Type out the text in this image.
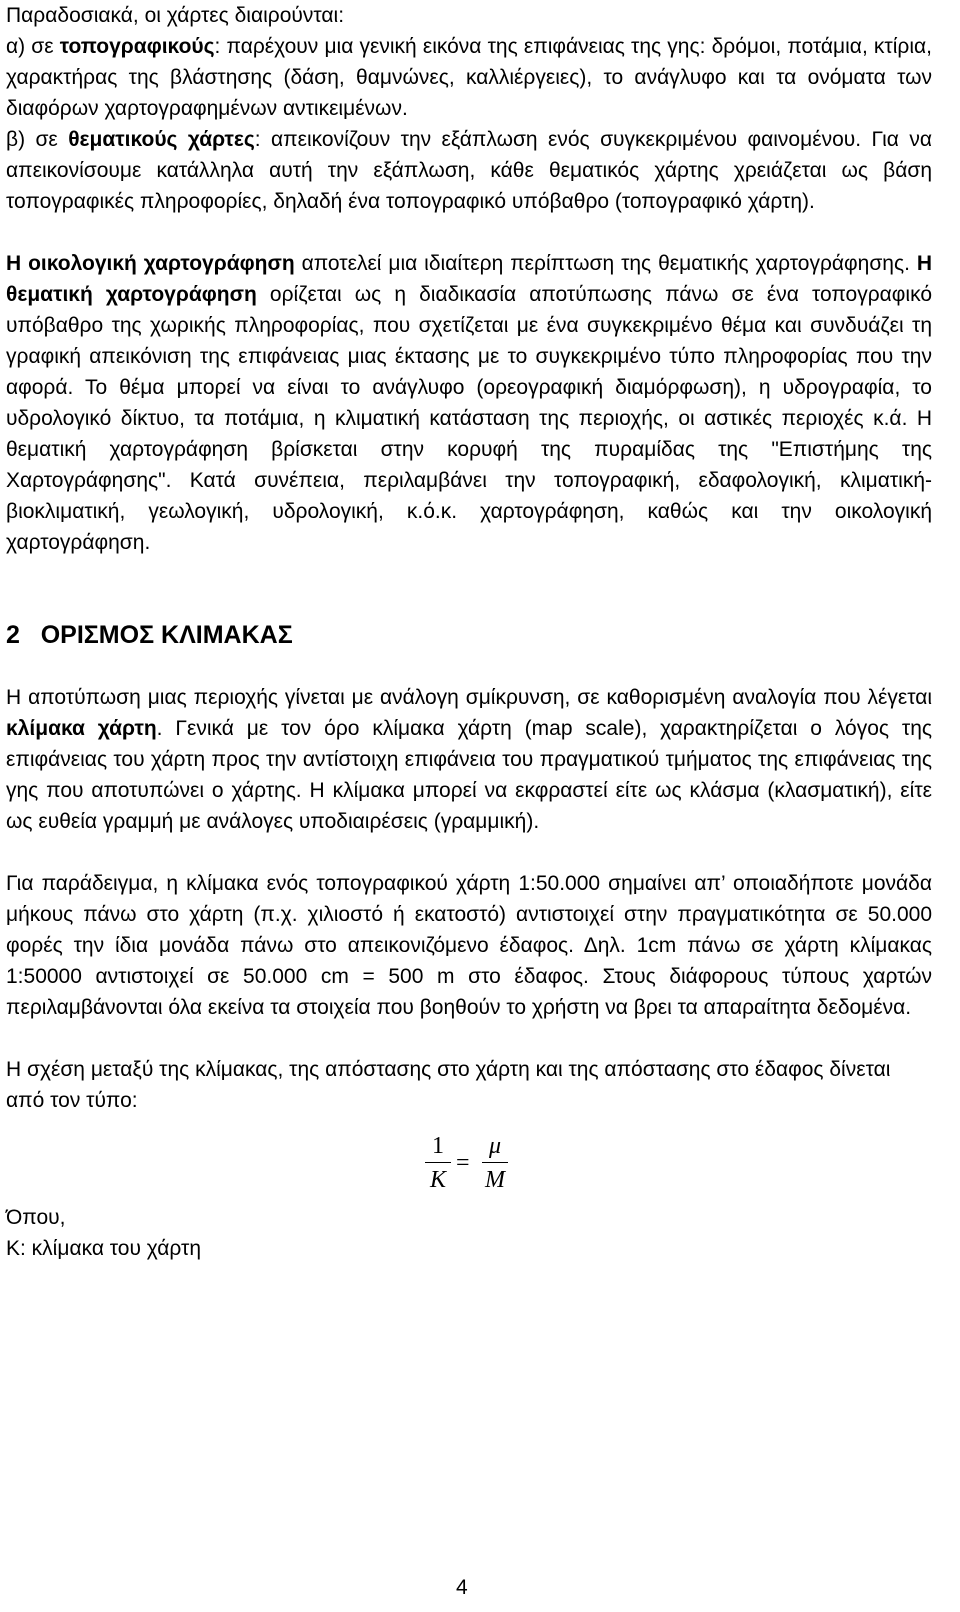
Παραδοσιακά, οι χάρτες διαιρούνται:

α) σε τοπογραφικούς: παρέχουν μια γενική εικόνα της επιφάνειας της γης: δρόμοι, ποτάμια, κτίρια, χαρακτήρας της βλάστησης (δάση, θαμνώνες, καλλιέργειες), το ανάγλυφο και τα ονόματα των διαφόρων χαρτογραφημένων αντικειμένων.

β) σε θεματικούς χάρτες: απεικονίζουν την εξάπλωση ενός συγκεκριμένου φαινομένου. Για να απεικονίσουμε κατάλληλα αυτή την εξάπλωση, κάθε θεματικός χάρτης χρειάζεται ως βάση τοπογραφικές πληροφορίες, δηλαδή ένα τοπογραφικό υπόβαθρο (τοπογραφικό χάρτη).

Η οικολογική χαρτογράφηση αποτελεί μια ιδιαίτερη περίπτωση της θεματικής χαρτογράφησης. Η θεματική χαρτογράφηση ορίζεται ως η διαδικασία αποτύπωσης πάνω σε ένα τοπογραφικό υπόβαθρο της χωρικής πληροφορίας, που σχετίζεται με ένα συγκεκριμένο θέμα και συνδυάζει τη γραφική απεικόνιση της επιφάνειας μιας έκτασης με το συγκεκριμένο τύπο πληροφορίας που την αφορά. Το θέμα μπορεί να είναι το ανάγλυφο (ορεογραφική διαμόρφωση), η υδρογραφία, το υδρολογικό δίκτυο, τα ποτάμια, η κλιματική κατάσταση της περιοχής, οι αστικές περιοχές κ.ά. Η θεματική χαρτογράφηση βρίσκεται στην κορυφή της πυραμίδας της "Επιστήμης της Χαρτογράφησης". Κατά συνέπεια, περιλαμβάνει την τοπογραφική, εδαφολογική, κλιματική-βιοκλιματική, γεωλογική, υδρολογική, κ.ό.κ. χαρτογράφηση, καθώς και την οικολογική χαρτογράφηση.

2   ΟΡΙΣΜΟΣ ΚΛΙΜΑΚΑΣ

Η αποτύπωση μιας περιοχής γίνεται με ανάλογη σμίκρυνση, σε καθορισμένη αναλογία που λέγεται κλίμακα χάρτη. Γενικά με τον όρο κλίμακα χάρτη (map scale), χαρακτηρίζεται ο λόγος της επιφάνειας του χάρτη προς την αντίστοιχη επιφάνεια του πραγματικού τμήματος της επιφάνειας της γης που αποτυπώνει ο χάρτης. Η κλίμακα μπορεί να εκφραστεί είτε ως κλάσμα (κλασματική), είτε ως ευθεία γραμμή με ανάλογες υποδιαιρέσεις (γραμμική).

Για παράδειγμα, η κλίμακα ενός τοπογραφικού χάρτη 1:50.000 σημαίνει απ’ οποιαδήποτε μονάδα μήκους πάνω στο χάρτη (π.χ. χιλιοστό ή εκατοστό) αντιστοιχεί στην πραγματικότητα σε 50.000 φορές την ίδια μονάδα πάνω στο απεικονιζόμενο έδαφος. Δηλ. 1cm πάνω σε χάρτη κλίμακας 1:50000 αντιστοιχεί σε 50.000 cm = 500 m στο έδαφος. Στους διάφορους τύπους χαρτών περιλαμβάνονται όλα εκείνα τα στοιχεία που βοηθούν το χρήστη να βρει τα απαραίτητα δεδομένα.

Η σχέση μεταξύ της κλίμακας, της απόστασης στο χάρτη και της απόστασης στο έδαφος δίνεται από τον τύπο:

1
K
=
μ
M

Όπου,

K: κλίμακα του χάρτη

4
